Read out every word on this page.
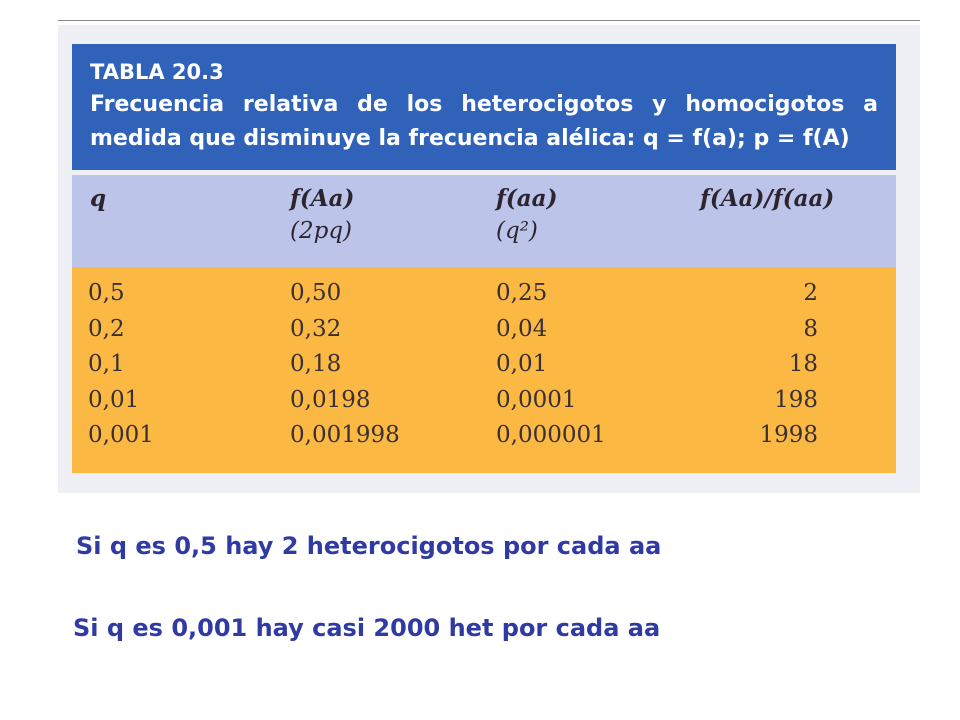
TABLA 20.3
Frecuencia relativa de los heterocigotos y homocigotos a
medida que disminuye la frecuencia alélica: q = f(a); p = f(A)
q	f(Aa)
(2pq)
f(aa)
(q²)
f(Aa)/f(aa)
0,5
0,2
0,1
0,01
0,001
0,50
0,32
0,18
0,0198
0,001998
0,25
0,04
0,01
0,0001
0,000001
2
8
18
198
1998
Si q es 0,5 hay 2 heterocigotos por cada aa
Si q es 0,001 hay casi 2000 het por cada aa
